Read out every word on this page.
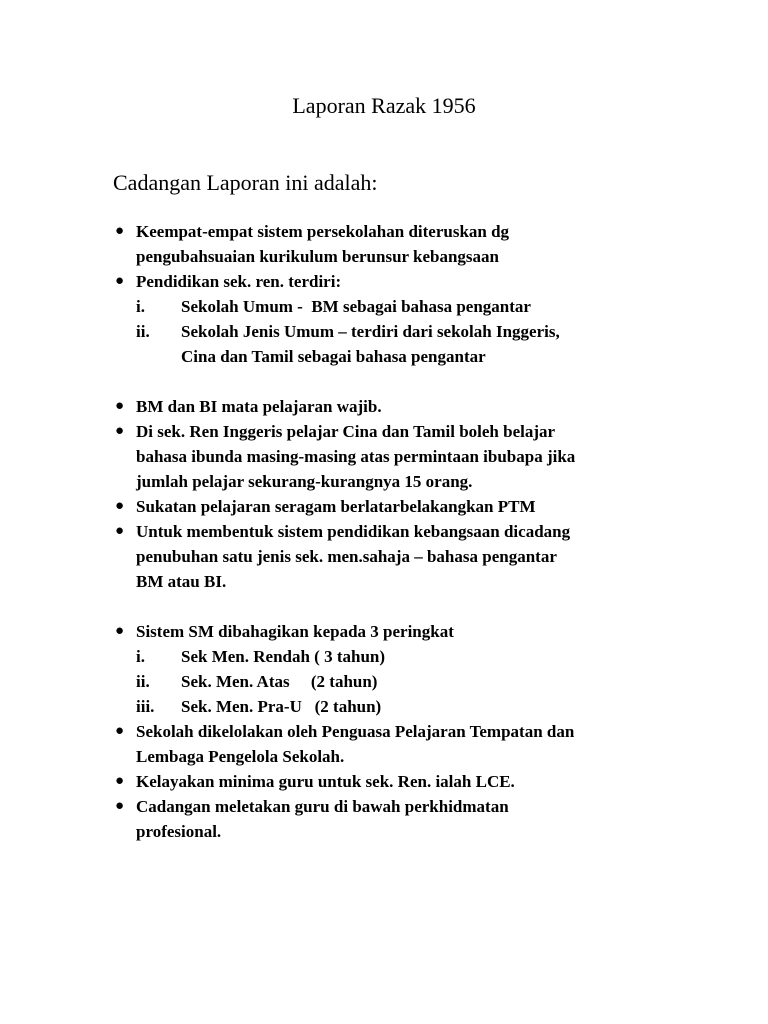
Laporan Razak 1956
Cadangan Laporan ini adalah:
● Keempat-empat sistem persekolahan diteruskan dg
pengubahsuaian kurikulum berunsur kebangsaan
● Pendidikan sek. ren. terdiri:
i. Sekolah Umum -  BM sebagai bahasa pengantar
ii. Sekolah Jenis Umum – terdiri dari sekolah Inggeris,
Cina dan Tamil sebagai bahasa pengantar
● BM dan BI mata pelajaran wajib.
● Di sek. Ren Inggeris pelajar Cina dan Tamil boleh belajar
bahasa ibunda masing-masing atas permintaan ibubapa jika
jumlah pelajar sekurang-kurangnya 15 orang.
● Sukatan pelajaran seragam berlatarbelakangkan PTM
● Untuk membentuk sistem pendidikan kebangsaan dicadang
penubuhan satu jenis sek. men.sahaja – bahasa pengantar
BM atau BI.
● Sistem SM dibahagikan kepada 3 peringkat
i. Sek Men. Rendah ( 3 tahun)
ii. Sek. Men. Atas     (2 tahun)
iii. Sek. Men. Pra-U   (2 tahun)
● Sekolah dikelolakan oleh Penguasa Pelajaran Tempatan dan
Lembaga Pengelola Sekolah.
● Kelayakan minima guru untuk sek. Ren. ialah LCE.
● Cadangan meletakan guru di bawah perkhidmatan
profesional.
